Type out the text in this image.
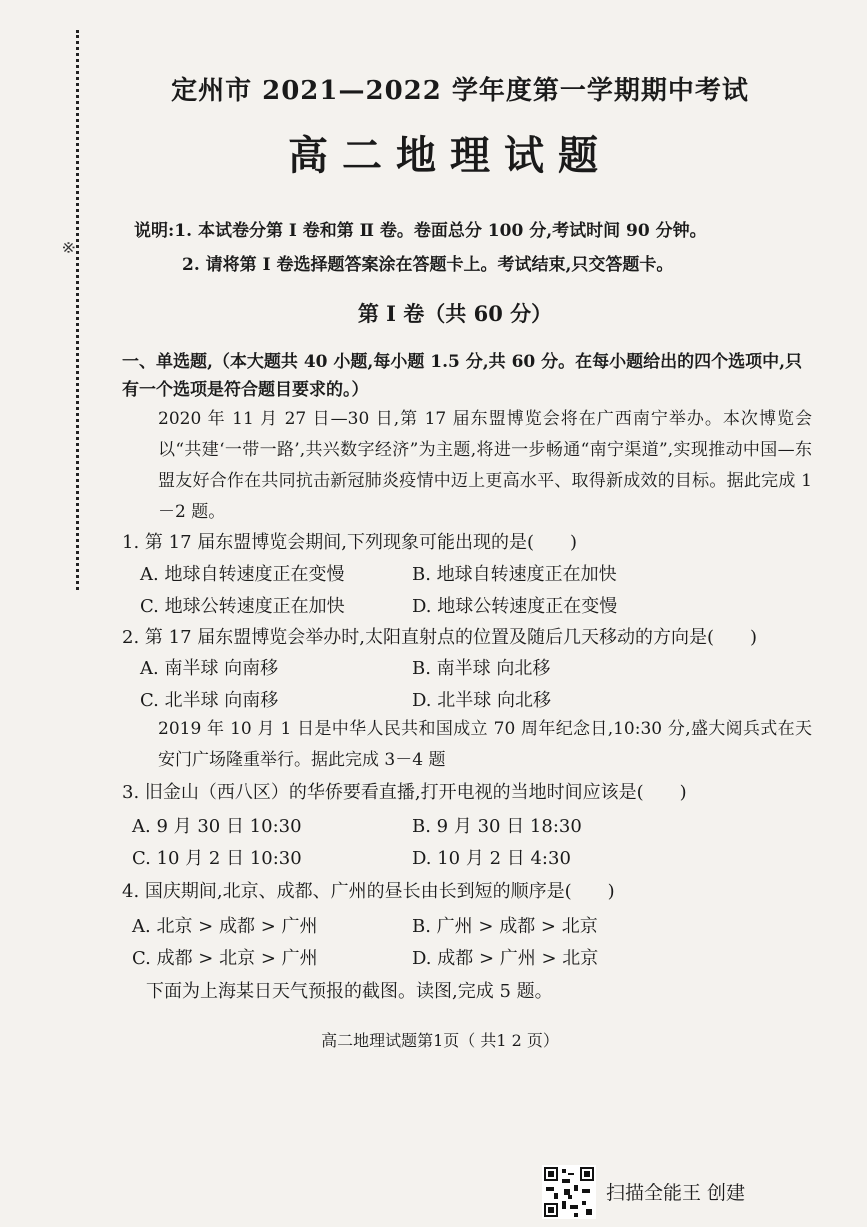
※
定州市 2021—2022 学年度第一学期期中考试
高二地理试题
说明:1. 本试卷分第 Ⅰ 卷和第 Ⅱ 卷。卷面总分 100 分,考试时间 90 分钟。
2. 请将第 Ⅰ 卷选择题答案涂在答题卡上。考试结束,只交答题卡。
第 Ⅰ 卷（共 60 分）
一、单选题,（本大题共 40 小题,每小题 1.5 分,共 60 分。在每小题给出的四个选项中,只有一个选项是符合题目要求的。）
2020 年 11 月 27 日—30 日,第 17 届东盟博览会将在广西南宁举办。本次博览会以“共建‘一带一路’,共兴数字经济”为主题,将进一步畅通“南宁渠道”,实现推动中国—东盟友好合作在共同抗击新冠肺炎疫情中迈上更高水平、取得新成效的目标。据此完成 1－2 题。
1. 第 17 届东盟博览会期间,下列现象可能出现的是(　　)
A. 地球自转速度正在变慢	B. 地球自转速度正在加快
C. 地球公转速度正在加快	D. 地球公转速度正在变慢
2. 第 17 届东盟博览会举办时,太阳直射点的位置及随后几天移动的方向是(　　)
A. 南半球 向南移	B. 南半球 向北移
C. 北半球 向南移	D. 北半球 向北移
2019 年 10 月 1 日是中华人民共和国成立 70 周年纪念日,10:30 分,盛大阅兵式在天安门广场隆重举行。据此完成 3－4 题
3. 旧金山（西八区）的华侨要看直播,打开电视的当地时间应该是(　　)
A. 9 月 30 日 10:30	B. 9 月 30 日 18:30
C. 10 月 2 日 10:30	D. 10 月 2 日 4:30
4. 国庆期间,北京、成都、广州的昼长由长到短的顺序是(　　)
A. 北京 > 成都 > 广州	B. 广州 > 成都 > 北京
C. 成都 > 北京 > 广州	D. 成都 > 广州 > 北京
下面为上海某日天气预报的截图。读图,完成 5 题。
高二地理试题第1页（ 共1 2 页）
扫描全能王 创建
